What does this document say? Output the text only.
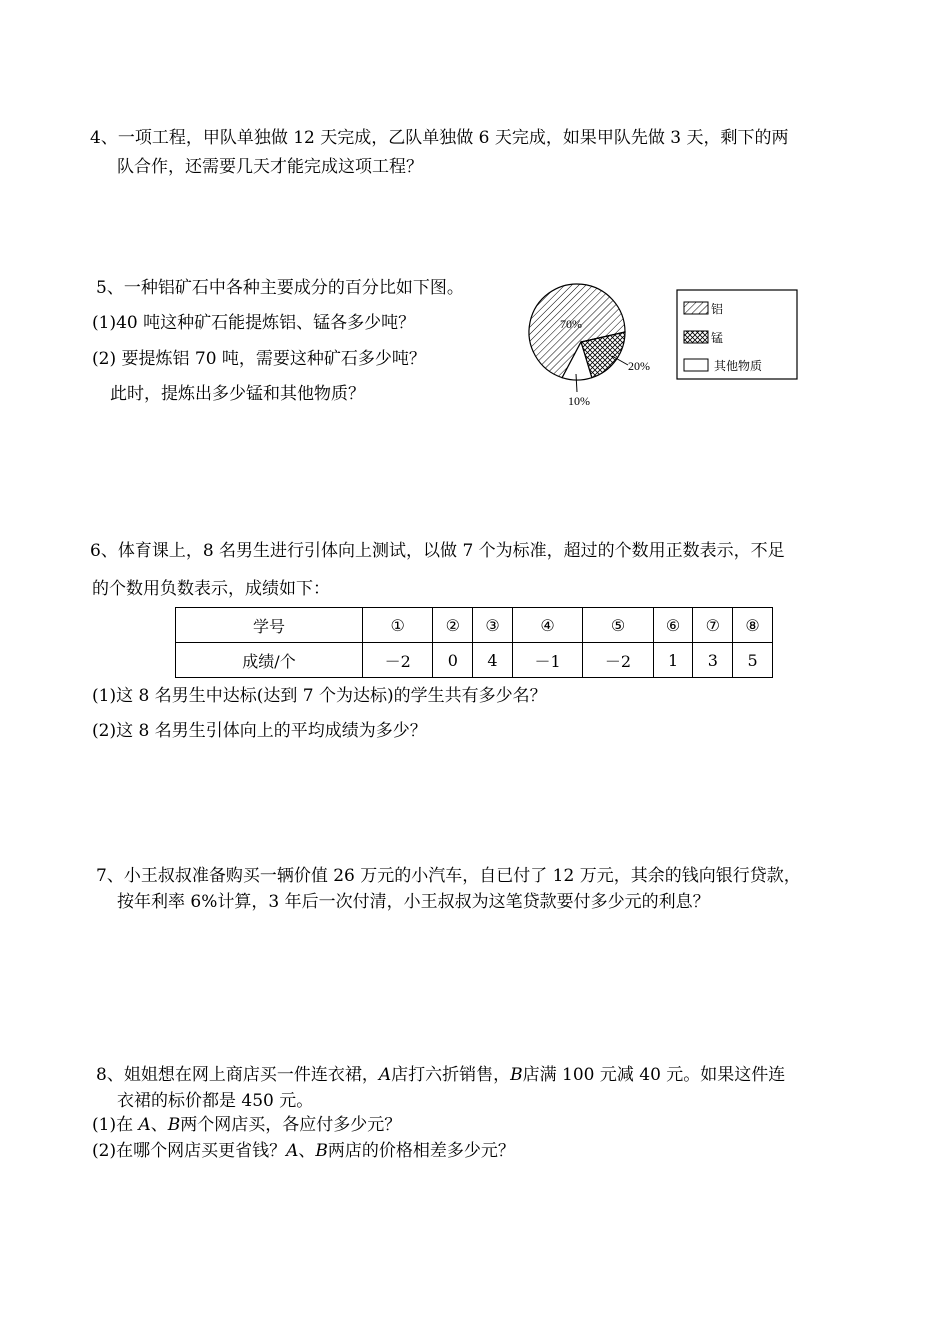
4、一项工程，甲队单独做 12 天完成，乙队单独做 6 天完成，如果甲队先做 3 天，剩下的两
队合作，还需要几天才能完成这项工程？
5、一种铝矿石中各种主要成分的百分比如下图。
(1)40 吨这种矿石能提炼铝、锰各多少吨？
(2) 要提炼铝 70 吨，需要这种矿石多少吨？
此时，提炼出多少锰和其他物质？
70%
20%
10%
铝
锰
其他物质
6、体育课上，8 名男生进行引体向上测试，以做 7 个为标准，超过的个数用正数表示，不足
的个数用负数表示，成绩如下：
学号	①	②	③	④	⑤	⑥	⑦	⑧
成绩/个	－2	0	4	－1	－2	1	3	5
(1)这 8 名男生中达标(达到 7 个为达标)的学生共有多少名？
(2)这 8 名男生引体向上的平均成绩为多少？
7、小王叔叔准备购买一辆价值 26 万元的小汽车，自已付了 12 万元，其余的钱向银行贷款，
按年利率 6%计算，3 年后一次付清，小王叔叔为这笔贷款要付多少元的利息？
8、姐姐想在网上商店买一件连衣裙，A店打六折销售，B店满 100 元减 40 元。如果这件连
衣裙的标价都是 450 元。
(1)在 A、B两个网店买，各应付多少元？
(2)在哪个网店买更省钱？A、B两店的价格相差多少元？
